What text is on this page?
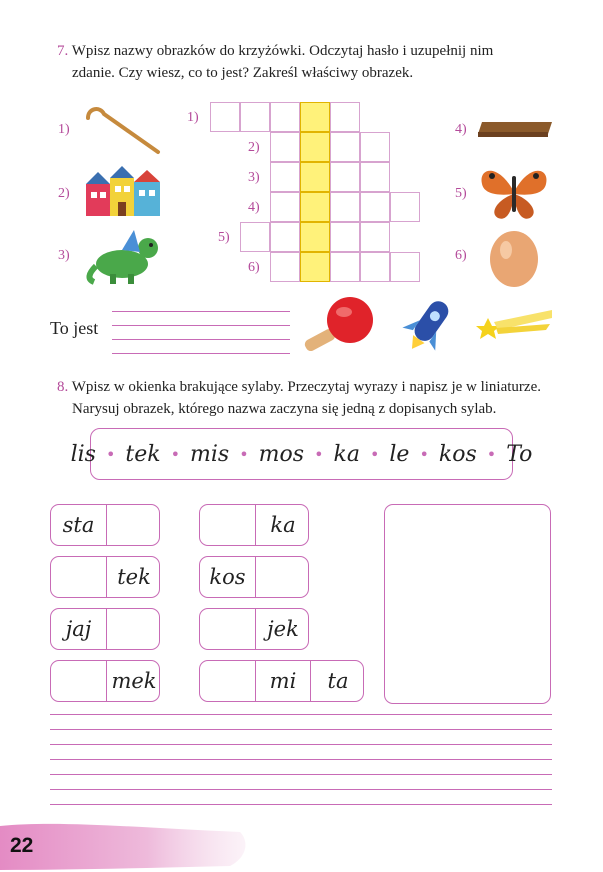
7. Wpisz nazwy obrazków do krzyżówki. Odczytaj hasło i uzupełnij nim
zdanie. Czy wiesz, co to jest? Zakreśl właściwy obrazek.
1)
2)
3)
4)
5)
6)
1)
2)
3)
4)
5)
6)
To jest
8. Wpisz w okienka brakujące sylaby. Przeczytaj wyrazy i napisz je w liniaturze.
Narysuj obrazek, którego nazwa zaczyna się jedną z dopisanych sylab.
lis • tek • mis • mos • ka • le • kos • To
sta
tek
jaj
mek
ka
kos
jek
mi	ta
22
